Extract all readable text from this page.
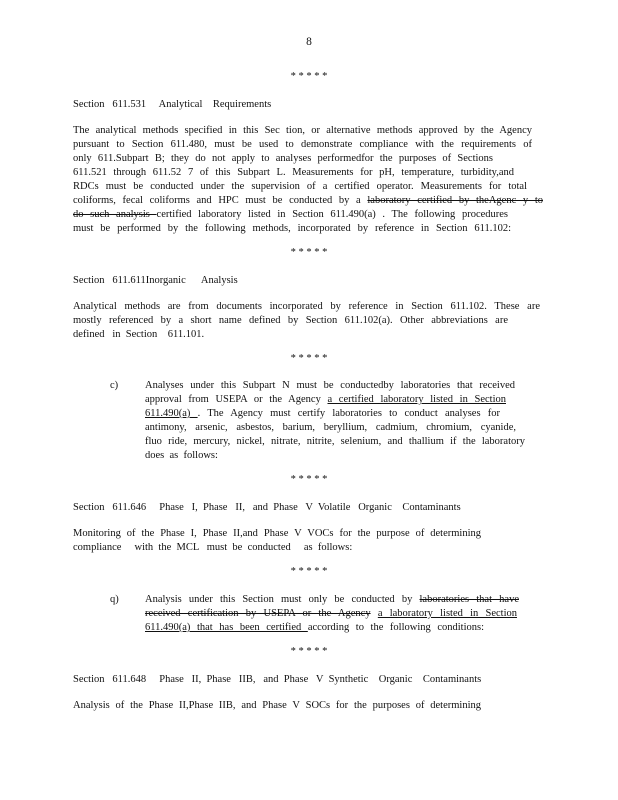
8
* * * * *
Section   611.531     Analytical    Requirements
The analytical methods specified in this Sec tion, or alternative methods approved by the Agency
pursuant to Section 611.480, must be used to demonstrate compliance with the requirements of
only 611.Subpart B; they do not apply to analyses performedfor the purposes of Sections
611.521 through 611.52 7 of this Subpart L. Measurements for pH, temperature, turbidity,and
RDCs must be conducted under the supervision of a certified operator. Measurements for total
coliforms, fecal coliforms and HPC must be conducted by a laboratory certified by theAgenc y to
do such analysis certified laboratory listed in Section 611.490(a) . The following procedures
must be performed by the following methods, incorporated by reference in Section 611.102:
* * * * *
Section   611.611Inorganic      Analysis
Analytical methods are from documents incorporated by reference in Section 611.102. These are
mostly referenced by a short name defined by Section 611.102(a). Other abbreviations are
defined   in  Section    611.101.
* * * * *
c)	Analyses under this Subpart N must be conductedby laboratories that received
approval from USEPA or the Agency a certified laboratory listed in Section
611.490(a) . The Agency must certify laboratories to conduct analyses for
antimony, arsenic, asbestos, barium, beryllium, cadmium, chromium, cyanide,
fluo ride, mercury, nickel, nitrate, nitrite, selenium, and thallium if the laboratory
does  as  follows:
* * * * *
Section   611.646     Phase   I,  Phase   II,   and  Phase   V  Volatile   Organic    Contaminants
Monitoring of the Phase I, Phase II,and Phase V VOCs for the purpose of determining
compliance     with  the  MCL   must  be  conducted     as  follows:
* * * * *
q)	Analysis under this Section must only be conducted by laboratories that have
received certification by USEPA or the Agency a laboratory listed in Section
611.490(a) that has been certified according to the following conditions:
* * * * *
Section   611.648     Phase   II,  Phase   IIB,   and  Phase   V  Synthetic    Organic    Contaminants
Analysis of the Phase II,Phase IIB, and Phase V SOCs for the purposes of determining
